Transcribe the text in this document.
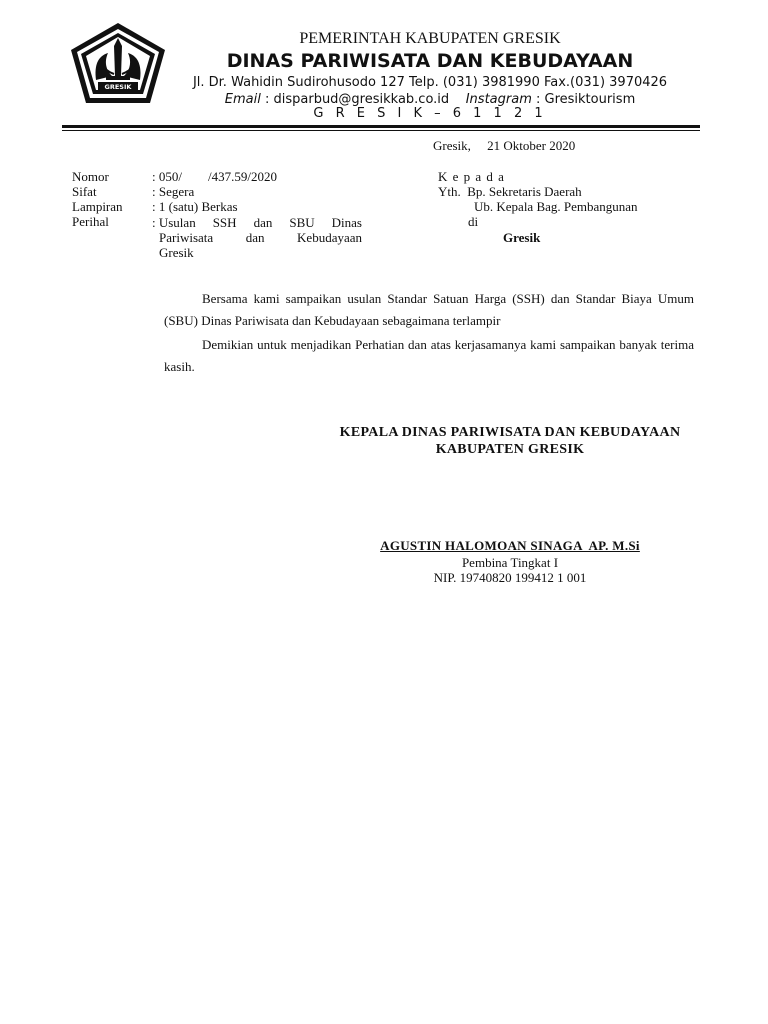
GRESIK
PEMERINTAH KABUPATEN GRESIK
DINAS PARIWISATA DAN KEBUDAYAAN
Jl. Dr. Wahidin Sudirohusodo 127 Telp. (031) 3981990 Fax.(031) 3970426
Email : disparbud@gresikkab.co.id Instagram : Gresiktourism
G R E S I K – 6 1 1 2 1
Gresik,     21 Oktober 2020
Nomor	: 050/        /437.59/2020
Sifat	: Segera
Lampiran : 1 (satu) Berkas
Perihal	: Usulan SSH dan SBU Dinas
Pariwisata	dan	Kebudayaan
Gresik
K e p a d a
Yth.  Bp. Sekretaris Daerah
Ub. Kepala Bag. Pembangunan
di
Gresik
Bersama kami sampaikan usulan Standar Satuan Harga (SSH) dan Standar Biaya Umum (SBU) Dinas Pariwisata dan Kebudayaan sebagaimana terlampir
Demikian untuk menjadikan Perhatian dan atas kerjasamanya kami sampaikan banyak terima kasih.
KEPALA DINAS PARIWISATA DAN KEBUDAYAAN
KABUPATEN GRESIK
AGUSTIN HALOMOAN SINAGA  AP. M.Si
Pembina Tingkat I
NIP. 19740820 199412 1 001
